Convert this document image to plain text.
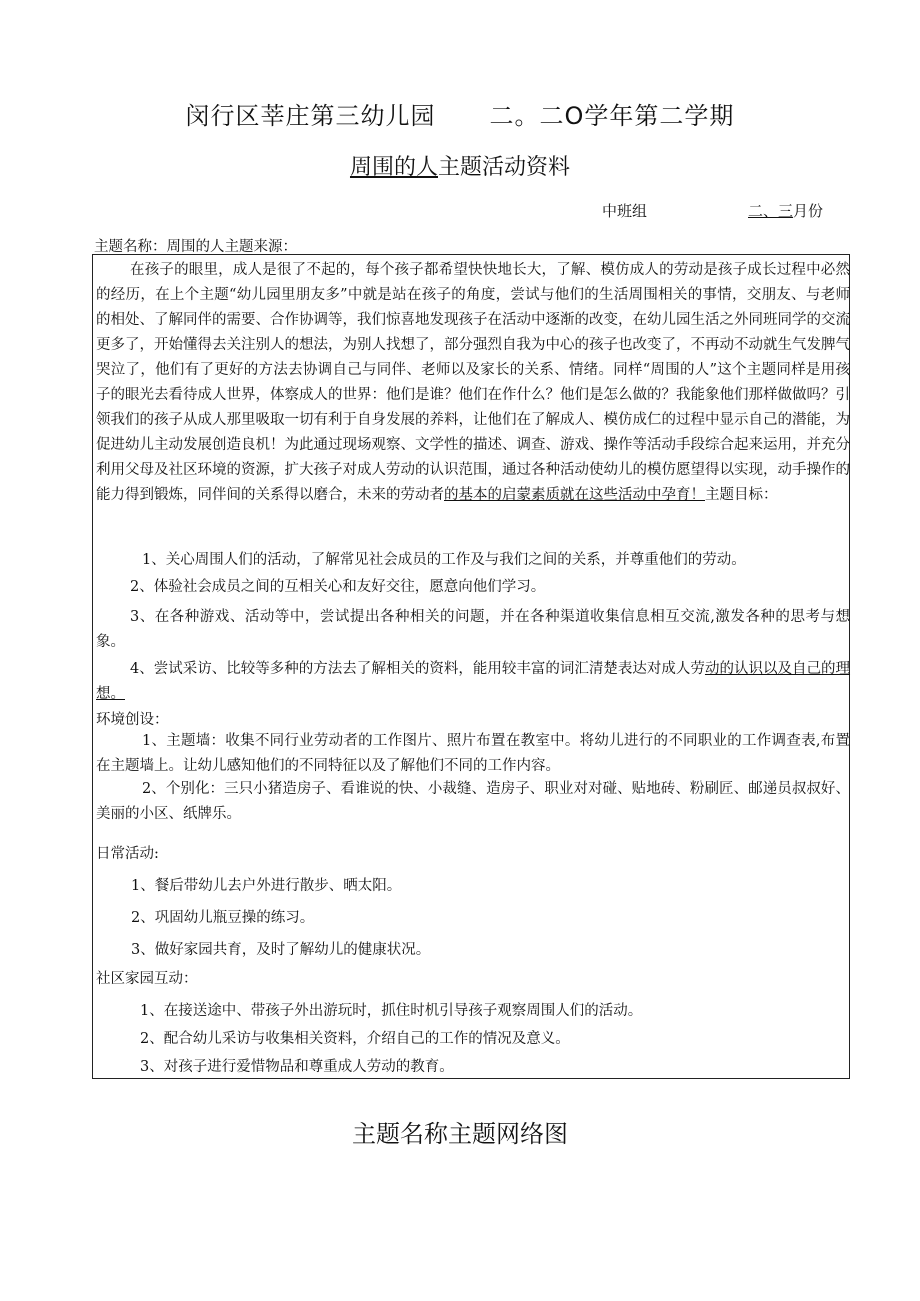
闵行区莘庄第三幼儿园 二。二O学年第二学期
周围的人主题活动资料
中班组	二、三月份
主题名称：周围的人主题来源：

在孩子的眼里，成人是很了不起的，每个孩子都希望快快地长大，了解、模仿成人的劳动是孩子成长过程中必然的经历，在上个主题“幼儿园里朋友多”中就是站在孩子的角度，尝试与他们的生活周围相关的事情，交朋友、与老师的相处、了解同伴的需要、合作协调等，我们惊喜地发现孩子在活动中逐渐的改变，在幼儿园生活之外同班同学的交流更多了，开始懂得去关注别人的想法，为别人找想了，部分强烈自我为中心的孩子也改变了，不再动不动就生气发脾气哭泣了，他们有了更好的方法去协调自己与同伴、老师以及家长的关系、情绪。同样“周围的人”这个主题同样是用孩子的眼光去看待成人世界，体察成人的世界：他们是谁？他们在作什么？他们是怎么做的？我能象他们那样做做吗？引领我们的孩子从成人那里吸取一切有利于自身发展的养料，让他们在了解成人、模仿成仁的过程中显示自己的潜能，为促进幼儿主动发展创造良机！为此通过现场观察、文学性的描述、调查、游戏、操作等活动手段综合起来运用，并充分利用父母及社区环境的资源，扩大孩子对成人劳动的认识范围，通过各种活动使幼儿的模仿愿望得以实现，动手操作的能力得到锻炼，同伴间的关系得以磨合，未来的劳动者的基本的启蒙素质就在这些活动中孕育！主题目标：

1、关心周围人们的活动，了解常见社会成员的工作及与我们之间的关系，并尊重他们的劳动。

2、体验社会成员之间的互相关心和友好交往，愿意向他们学习。

3、在各种游戏、活动等中，尝试提出各种相关的问题，并在各种渠道收集信息相互交流,激发各种的思考与想象。

4、尝试采访、比较等多种的方法去了解相关的资料，能用较丰富的词汇清楚表达对成人劳动的认识以及自己的理想。

环境创设：

1、主题墙：收集不同行业劳动者的工作图片、照片布置在教室中。将幼儿进行的不同职业的工作调查表,布置在主题墙上。让幼儿感知他们的不同特征以及了解他们不同的工作内容。

2、个别化：三只小猪造房子、看谁说的快、小裁缝、造房子、职业对对碰、贴地砖、粉刷匠、邮递员叔叔好、美丽的小区、纸牌乐。

日常活动:
1、餐后带幼儿去户外进行散步、晒太阳。
2、巩固幼儿瓶豆操的练习。
3、做好家园共育，及时了解幼儿的健康状况。
社区家园互动：
1、在接送途中、带孩子外出游玩时，抓住时机引导孩子观察周围人们的活动。
2、配合幼儿采访与收集相关资料，介绍自己的工作的情况及意义。
3、对孩子进行爱惜物品和尊重成人劳动的教育。
主题名称主题网络图
